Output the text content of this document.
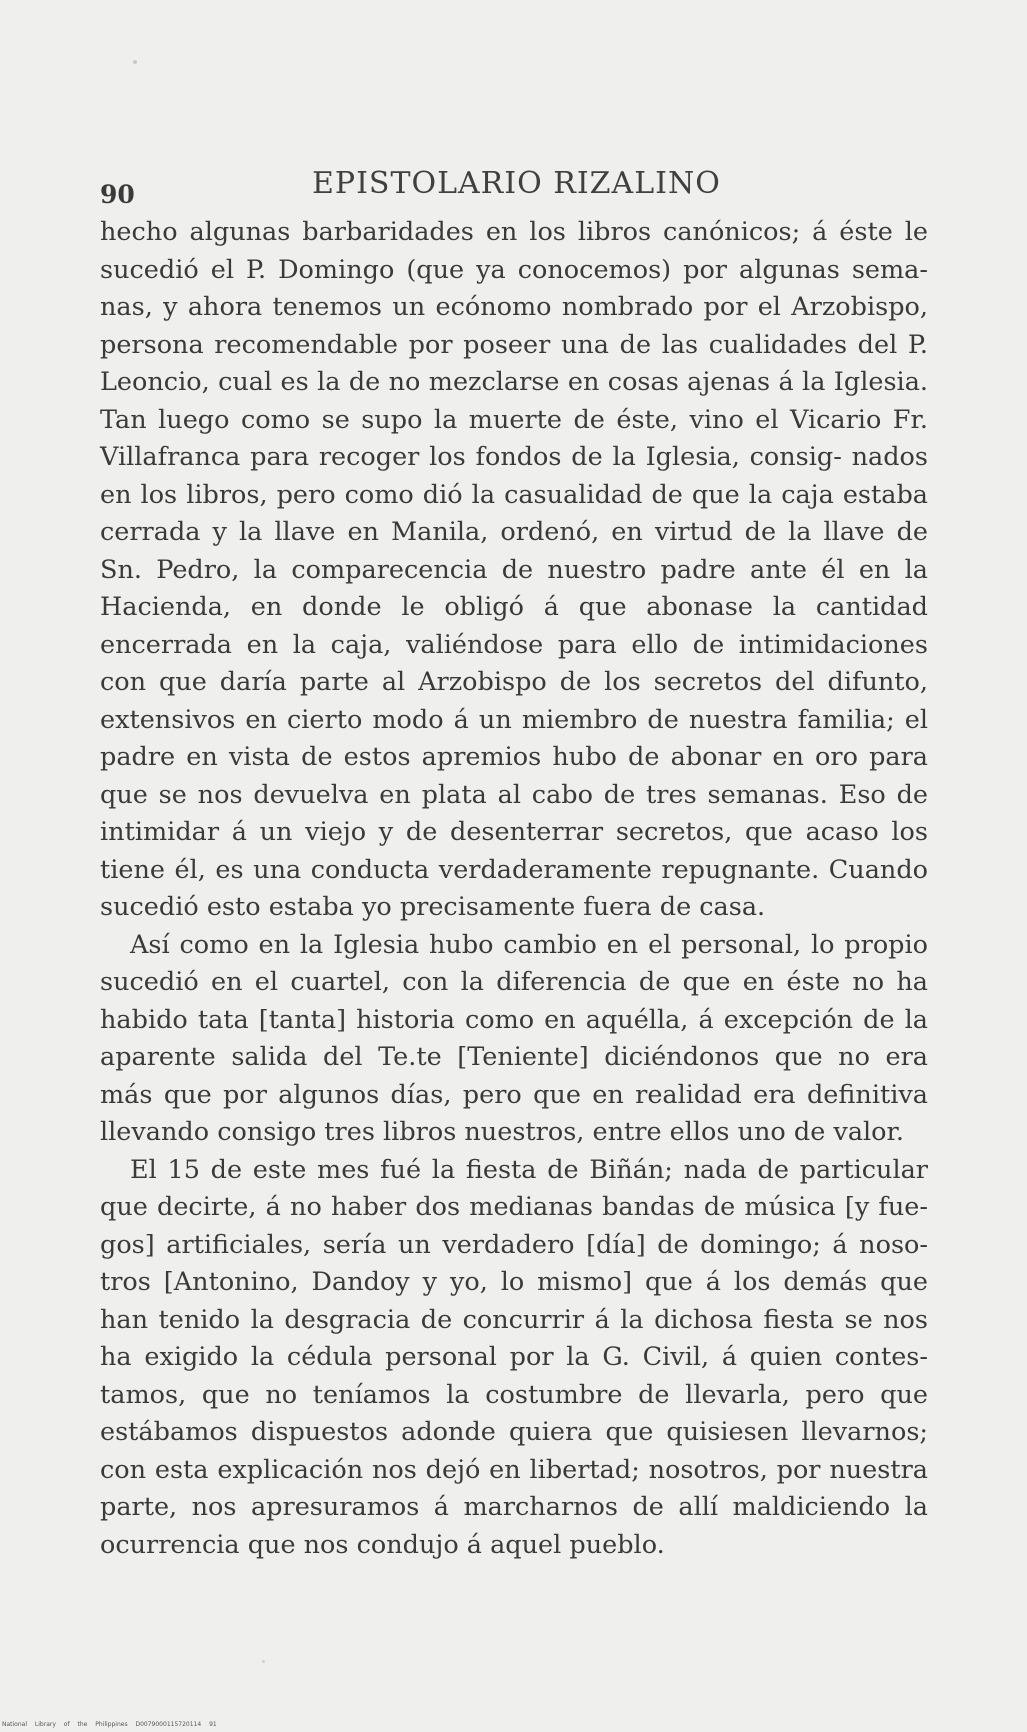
90	EPISTOLARIO RIZALINO

hecho algunas barbaridades en los libros canónicos; á éste le sucedió el P. Domingo (que ya conocemos) por algunas sema- nas, y ahora tenemos un ecónomo nombrado por el Arzobispo, persona recomendable por poseer una de las cualidades del P. Leoncio, cual es la de no mezclarse en cosas ajenas á la Iglesia. Tan luego como se supo la muerte de éste, vino el Vicario Fr. Villafranca para recoger los fondos de la Iglesia, consig- nados en los libros, pero como dió la casualidad de que la caja estaba cerrada y la llave en Manila, ordenó, en virtud de la llave de Sn. Pedro, la comparecencia de nuestro padre ante él en la Hacienda, en donde le obligó á que abonase la cantidad encerrada en la caja, valiéndose para ello de intimidaciones con que daría parte al Arzobispo de los secretos del difunto, extensivos en cierto modo á un miembro de nuestra familia; el padre en vista de estos apremios hubo de abonar en oro para que se nos devuelva en plata al cabo de tres semanas. Eso de intimidar á un viejo y de desenterrar secretos, que acaso los tiene él, es una conducta verdaderamente repugnante. Cuando sucedió esto estaba yo precisamente fuera de casa.

Así como en la Iglesia hubo cambio en el personal, lo propio sucedió en el cuartel, con la diferencia de que en éste no ha habido tata [tanta] historia como en aquélla, á excepción de la aparente salida del Te.te [Teniente] diciéndonos que no era más que por algunos días, pero que en realidad era definitiva llevando consigo tres libros nuestros, entre ellos uno de valor.

El 15 de este mes fué la fiesta de Biñán; nada de particular que decirte, á no haber dos medianas bandas de música [y fue- gos] artificiales, sería un verdadero [día] de domingo; á noso- tros [Antonino, Dandoy y yo, lo mismo] que á los demás que han tenido la desgracia de concurrir á la dichosa fiesta se nos ha exigido la cédula personal por la G. Civil, á quien contes- tamos, que no teníamos la costumbre de llevarla, pero que estábamos dispuestos adonde quiera que quisiesen llevarnos; con esta explicación nos dejó en libertad; nosotros, por nuestra parte, nos apresuramos á marcharnos de allí maldiciendo la ocurrencia que nos condujo á aquel pueblo.

National Library of the Philippines D0079000115720114 91
